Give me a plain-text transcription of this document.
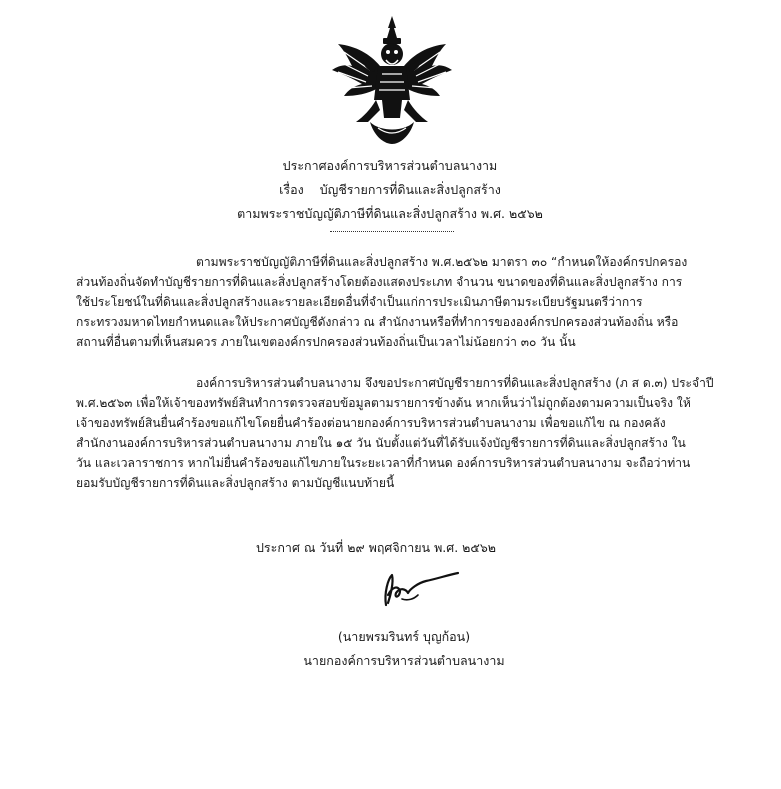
ประกาศองค์การบริหารส่วนตำบลนางาม
เรื่อง บัญชีรายการที่ดินและสิ่งปลูกสร้าง
ตามพระราชบัญญัติภาษีที่ดินและสิ่งปลูกสร้าง พ.ศ. ๒๕๖๒
ตามพระราชบัญญัติภาษีที่ดินและสิ่งปลูกสร้าง พ.ศ.๒๕๖๒ มาตรา ๓๐ “กำหนดให้องค์กรปกครอง
ส่วนท้องถิ่นจัดทำบัญชีรายการที่ดินและสิ่งปลูกสร้างโดยต้องแสดงประเภท จำนวน ขนาดของที่ดินและสิ่งปลูกสร้าง การ
ใช้ประโยชน์ในที่ดินและสิ่งปลูกสร้างและรายละเอียดอื่นที่จำเป็นแก่การประเมินภาษีตามระเบียบรัฐมนตรีว่าการ
กระทรวงมหาดไทยกำหนดและให้ประกาศบัญชีดังกล่าว ณ สำนักงานหรือที่ทำการขององค์กรปกครองส่วนท้องถิ่น หรือ
สถานที่อื่นตามที่เห็นสมควร ภายในเขตองค์กรปกครองส่วนท้องถิ่นเป็นเวลาไม่น้อยกว่า ๓๐ วัน นั้น
องค์การบริหารส่วนตำบลนางาม จึงขอประกาศบัญชีรายการที่ดินและสิ่งปลูกสร้าง (ภ ส ด.๓) ประจำปี
พ.ศ.๒๕๖๓ เพื่อให้เจ้าของทรัพย์สินทำการตรวจสอบข้อมูลตามรายการข้างต้น หากเห็นว่าไม่ถูกต้องตามความเป็นจริง ให้
เจ้าของทรัพย์สินยื่นคำร้องขอแก้ไขโดยยื่นคำร้องต่อนายกองค์การบริหารส่วนตำบลนางาม เพื่อขอแก้ไข ณ กองคลัง
สำนักงานองค์การบริหารส่วนตำบลนางาม ภายใน ๑๕ วัน นับตั้งแต่วันที่ได้รับแจ้งบัญชีรายการที่ดินและสิ่งปลูกสร้าง ใน
วัน และเวลาราชการ หากไม่ยื่นคำร้องขอแก้ไขภายในระยะเวลาที่กำหนด องค์การบริหารส่วนตำบลนางาม จะถือว่าท่าน
ยอมรับบัญชีรายการที่ดินและสิ่งปลูกสร้าง ตามบัญชีแนบท้ายนี้
ประกาศ ณ วันที่ ๒๙ พฤศจิกายน พ.ศ. ๒๕๖๒
(นายพรมรินทร์ บุญก้อน)
นายกองค์การบริหารส่วนตำบลนางาม
